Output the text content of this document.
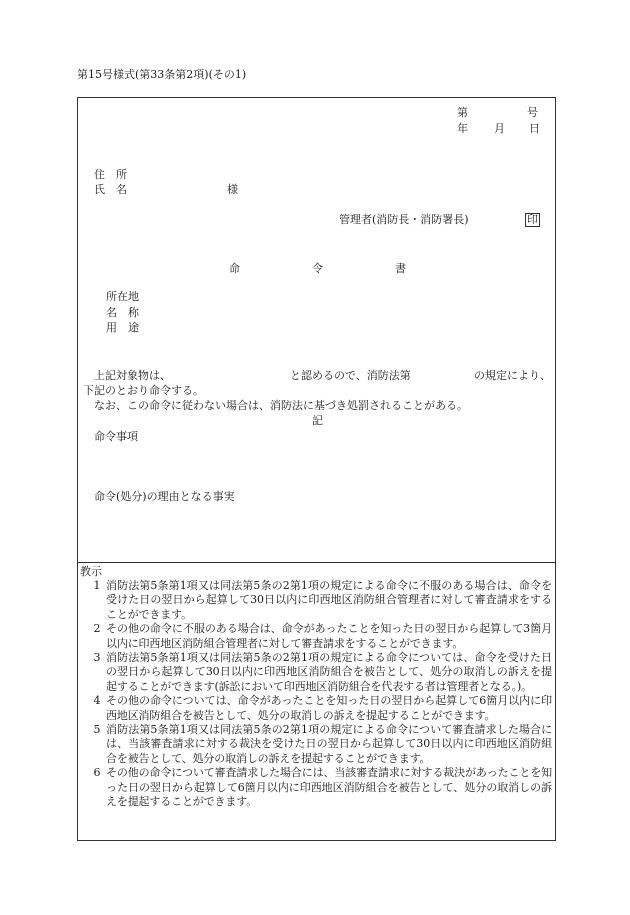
第15号様式(第33条第2項)(その1)
第	号
年 月 日
住　所
氏　名	様
管理者(消防長・消防署長)	印
命	令	書
所在地
名　称
用　途
上記対象物は、	と認めるので、消防法第	の規定により、
下記のとおり命令する。
なお、この命令に従わない場合は、消防法に基づき処罰されることがある。
記
命令事項
命令(処分)の理由となる事実
教示
1 消防法第5条第1項又は同法第5条の2第1項の規定による命令に不服のある場合は、命令を受けた日の翌日から起算して30日以内に印西地区消防組合管理者に対して審査請求をすることができます。
2 その他の命令に不服のある場合は、命令があったことを知った日の翌日から起算して3箇月以内に印西地区消防組合管理者に対して審査請求をすることができます。
3 消防法第5条第1項又は同法第5条の2第1項の規定による命令については、命令を受けた日の翌日から起算して30日以内に印西地区消防組合を被告として、処分の取消しの訴えを提起することができます(訴訟において印西地区消防組合を代表する者は管理者となる。)。
4 その他の命令については、命令があったことを知った日の翌日から起算して6箇月以内に印西地区消防組合を被告として、処分の取消しの訴えを提起することができます。
5 消防法第5条第1項又は同法第5条の2第1項の規定による命令について審査請求した場合には、当該審査請求に対する裁決を受けた日の翌日から起算して30日以内に印西地区消防組合を被告として、処分の取消しの訴えを提起することができます。
6 その他の命令について審査請求した場合には、当該審査請求に対する裁決があったことを知った日の翌日から起算して6箇月以内に印西地区消防組合を被告として、処分の取消しの訴えを提起することができます。
